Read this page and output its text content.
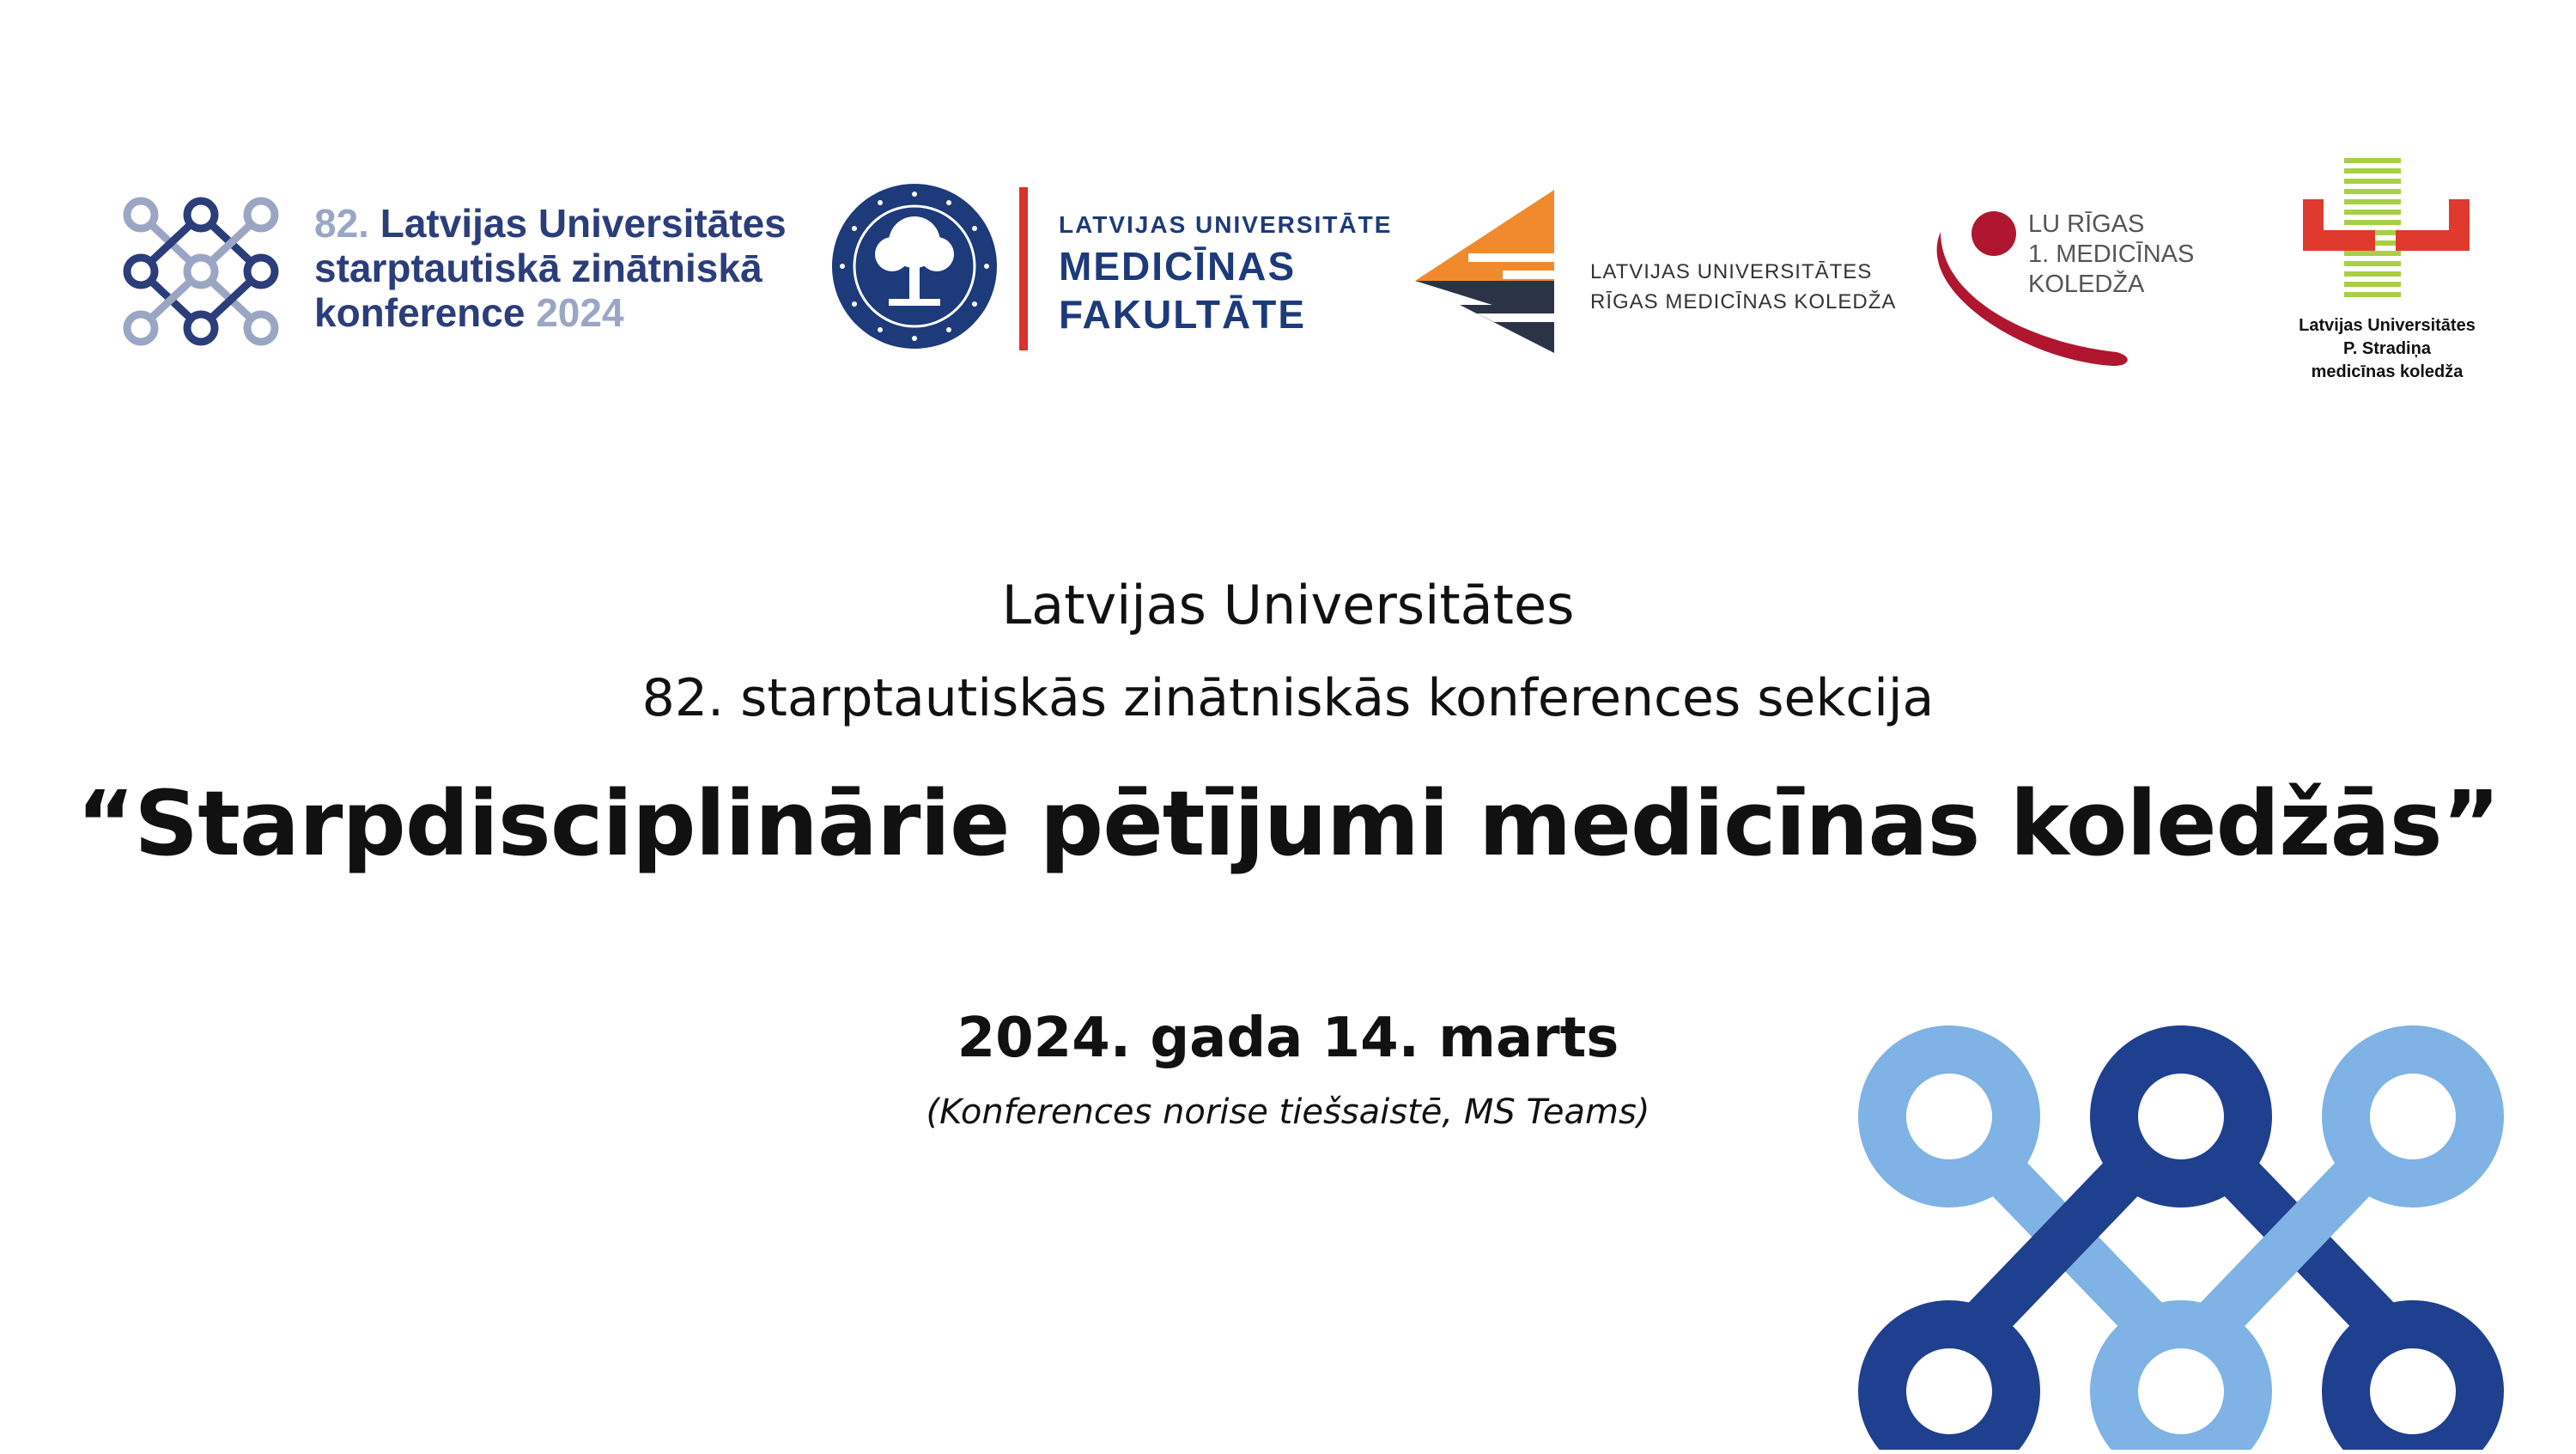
82. Latvijas Universitātes
starptautiskā zinātniskā
konference 2024
LATVIJAS UNIVERSITĀTE
MEDICĪNAS
FAKULTĀTE
LATVIJAS UNIVERSITĀTES
RĪGAS MEDICĪNAS KOLEDŽA
LU RĪGAS
1. MEDICĪNAS
KOLEDŽA
Latvijas Universitātes
P. Stradiņa
medicīnas koledža
Latvijas Universitātes
82. starptautiskās zinātniskās konferences sekcija
“Starpdisciplinārie pētījumi medicīnas koledžās”
2024. gada 14. marts
(Konferences norise tiešsaistē, MS Teams)
